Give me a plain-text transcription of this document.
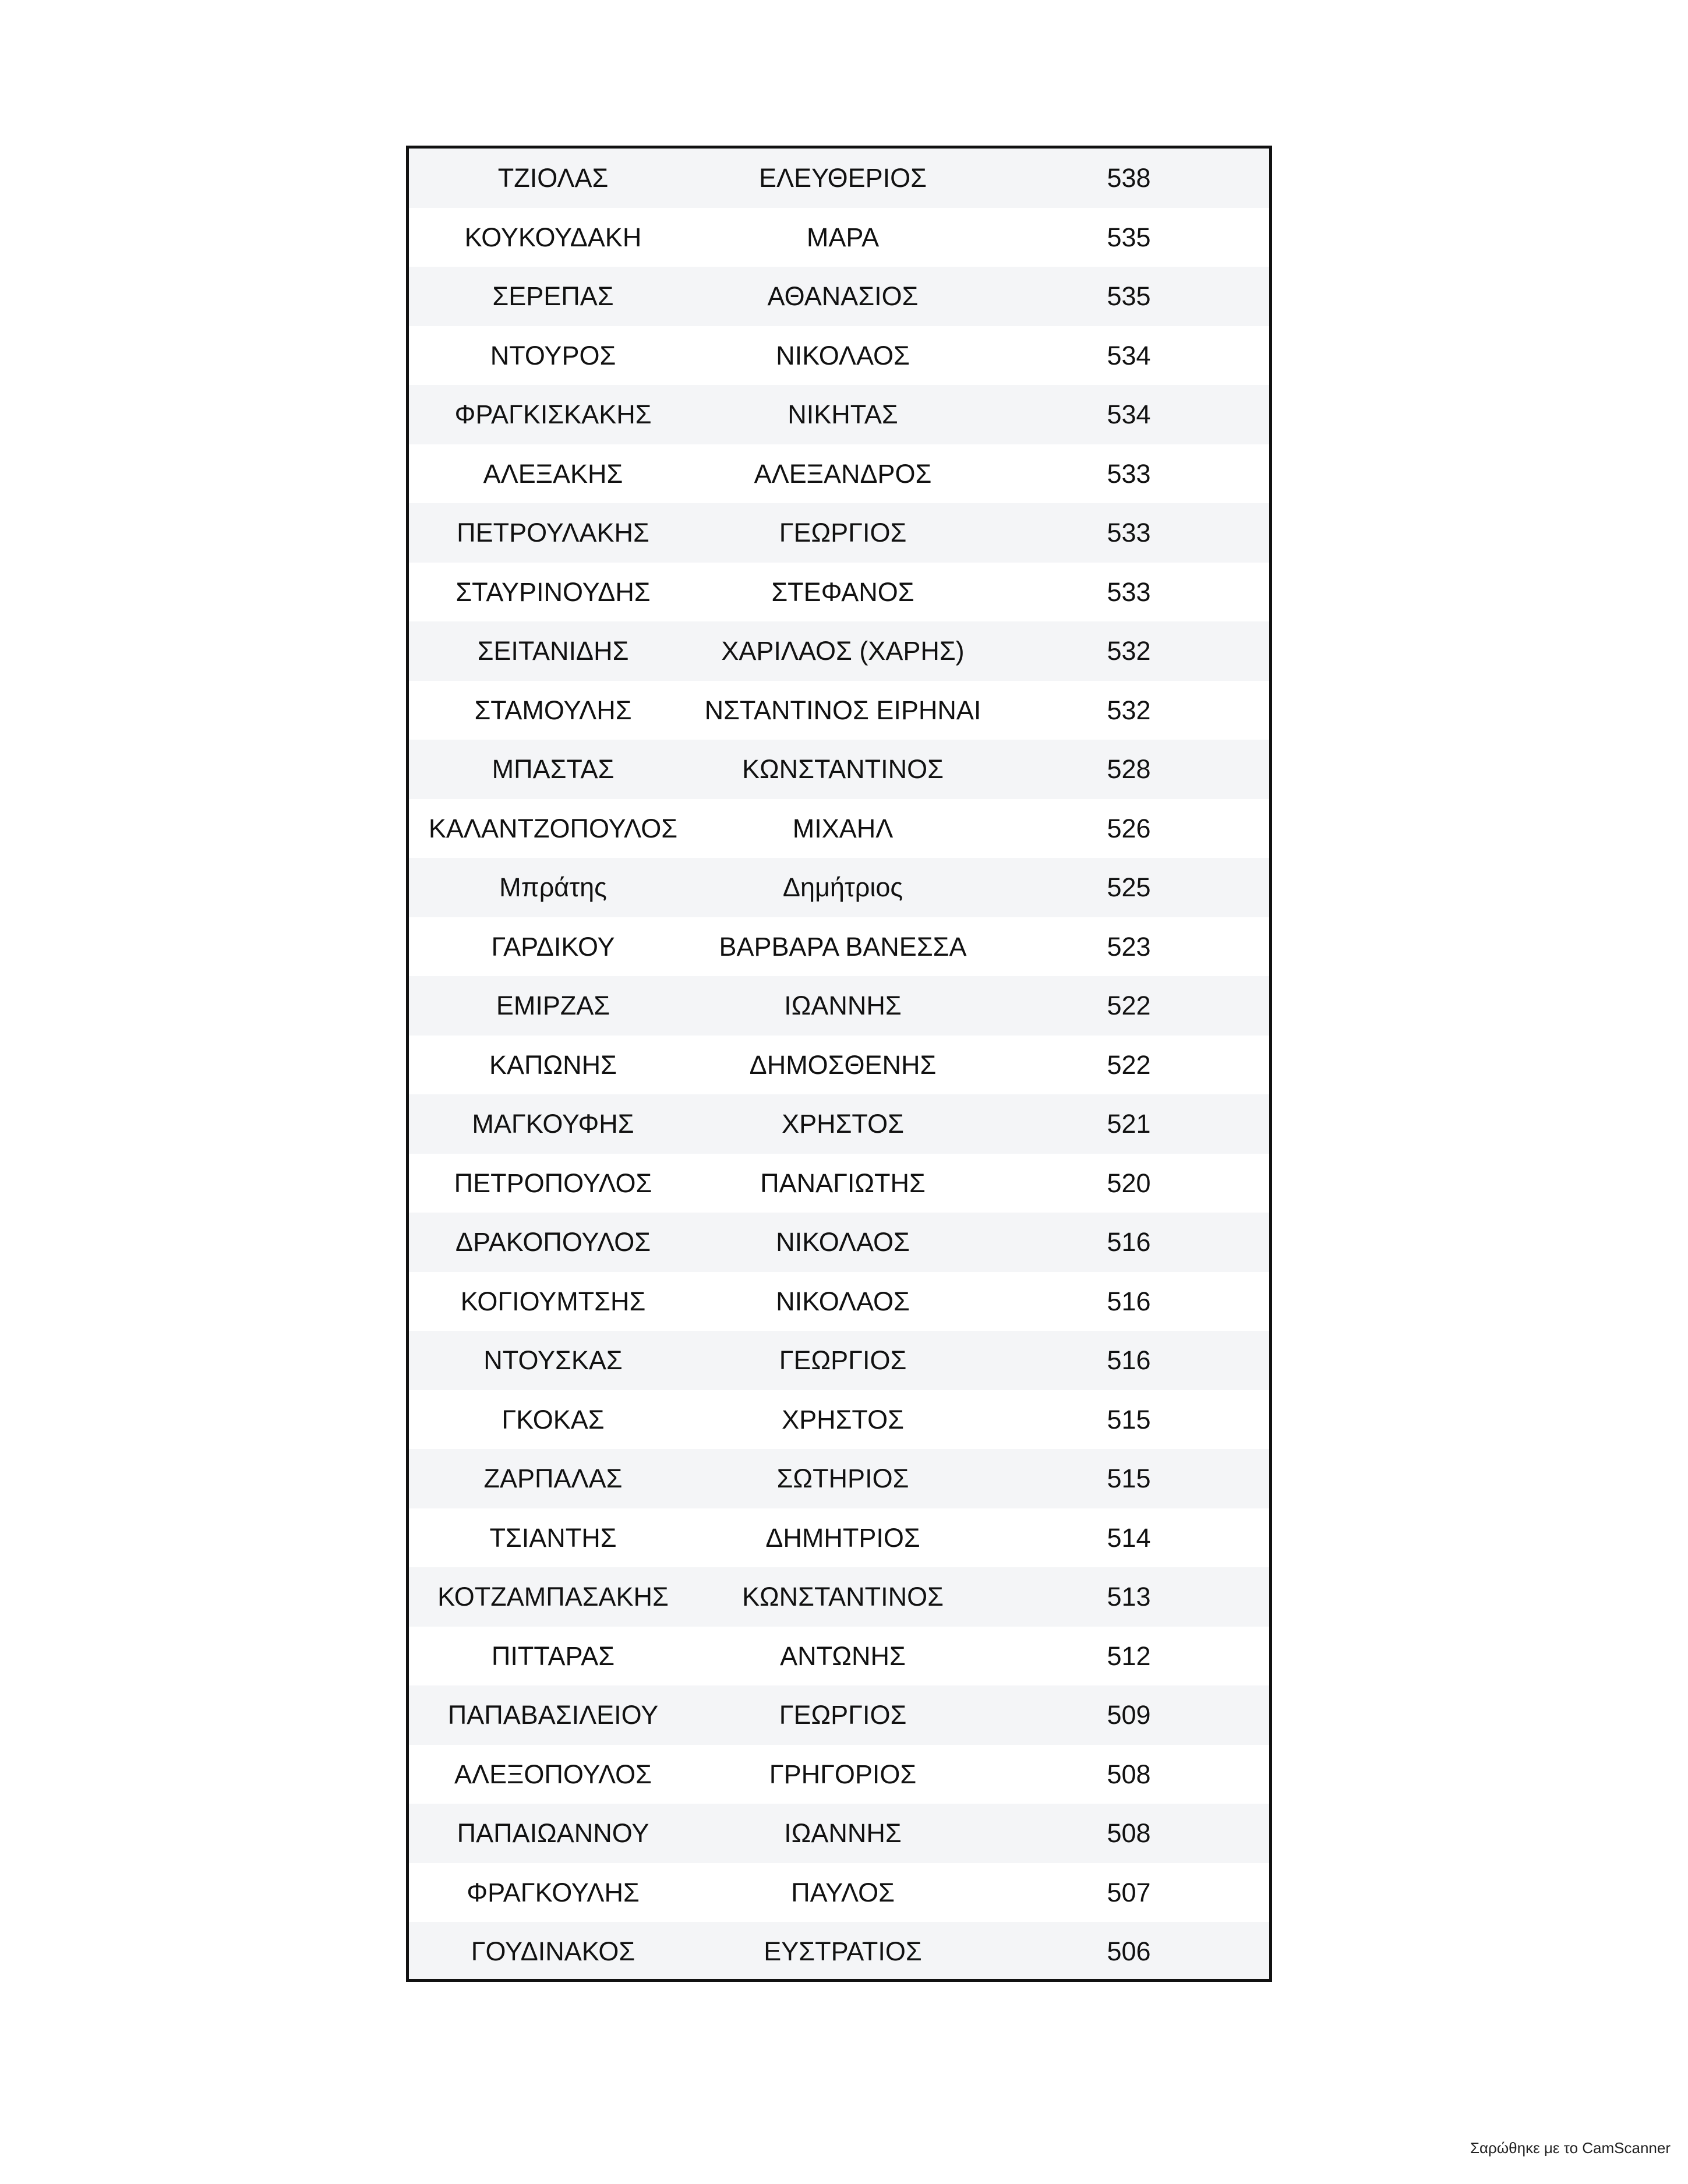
ΤΖΙΟΛΑΣ	ΕΛΕΥΘΕΡΙΟΣ	538
ΚΟΥΚΟΥΔΑΚΗ	ΜΑΡΑ	535
ΣΕΡΕΠΑΣ	ΑΘΑΝΑΣΙΟΣ	535
ΝΤΟΥΡΟΣ	ΝΙΚΟΛΑΟΣ	534
ΦΡΑΓΚΙΣΚΑΚΗΣ	ΝΙΚΗΤΑΣ	534
ΑΛΕΞΑΚΗΣ	ΑΛΕΞΑΝΔΡΟΣ	533
ΠΕΤΡΟΥΛΑΚΗΣ	ΓΕΩΡΓΙΟΣ	533
ΣΤΑΥΡΙΝΟΥΔΗΣ	ΣΤΕΦΑΝΟΣ	533
ΣΕΙΤΑΝΙΔΗΣ	ΧΑΡΙΛΑΟΣ (ΧΑΡΗΣ)	532
ΣΤΑΜΟΥΛΗΣ	ΝΣΤΑΝΤΙΝΟΣ ΕΙΡΗΝΑΙ	532
ΜΠΑΣΤΑΣ	ΚΩΝΣΤΑΝΤΙΝΟΣ	528
ΚΑΛΑΝΤΖΟΠΟΥΛΟΣ	ΜΙΧΑΗΛ	526
Μπράτης	Δημήτριος	525
ΓΑΡΔΙΚΟΥ	ΒΑΡΒΑΡΑ ΒΑΝΕΣΣΑ	523
ΕΜΙΡΖΑΣ	ΙΩΑΝΝΗΣ	522
ΚΑΠΩΝΗΣ	ΔΗΜΟΣΘΕΝΗΣ	522
ΜΑΓΚΟΥΦΗΣ	ΧΡΗΣΤΟΣ	521
ΠΕΤΡΟΠΟΥΛΟΣ	ΠΑΝΑΓΙΩΤΗΣ	520
ΔΡΑΚΟΠΟΥΛΟΣ	ΝΙΚΟΛΑΟΣ	516
ΚΟΓΙΟΥΜΤΣΗΣ	ΝΙΚΟΛΑΟΣ	516
ΝΤΟΥΣΚΑΣ	ΓΕΩΡΓΙΟΣ	516
ΓΚΟΚΑΣ	ΧΡΗΣΤΟΣ	515
ΖΑΡΠΑΛΑΣ	ΣΩΤΗΡΙΟΣ	515
ΤΣΙΑΝΤΗΣ	ΔΗΜΗΤΡΙΟΣ	514
ΚΟΤΖΑΜΠΑΣΑΚΗΣ	ΚΩΝΣΤΑΝΤΙΝΟΣ	513
ΠΙΤΤΑΡΑΣ	ΑΝΤΩΝΗΣ	512
ΠΑΠΑΒΑΣΙΛΕΙΟΥ	ΓΕΩΡΓΙΟΣ	509
ΑΛΕΞΟΠΟΥΛΟΣ	ΓΡΗΓΟΡΙΟΣ	508
ΠΑΠΑΙΩΑΝΝΟΥ	ΙΩΑΝΝΗΣ	508
ΦΡΑΓΚΟΥΛΗΣ	ΠΑΥΛΟΣ	507
ΓΟΥΔΙΝΑΚΟΣ	ΕΥΣΤΡΑΤΙΟΣ	506
Σαρώθηκε με το CamScanner
